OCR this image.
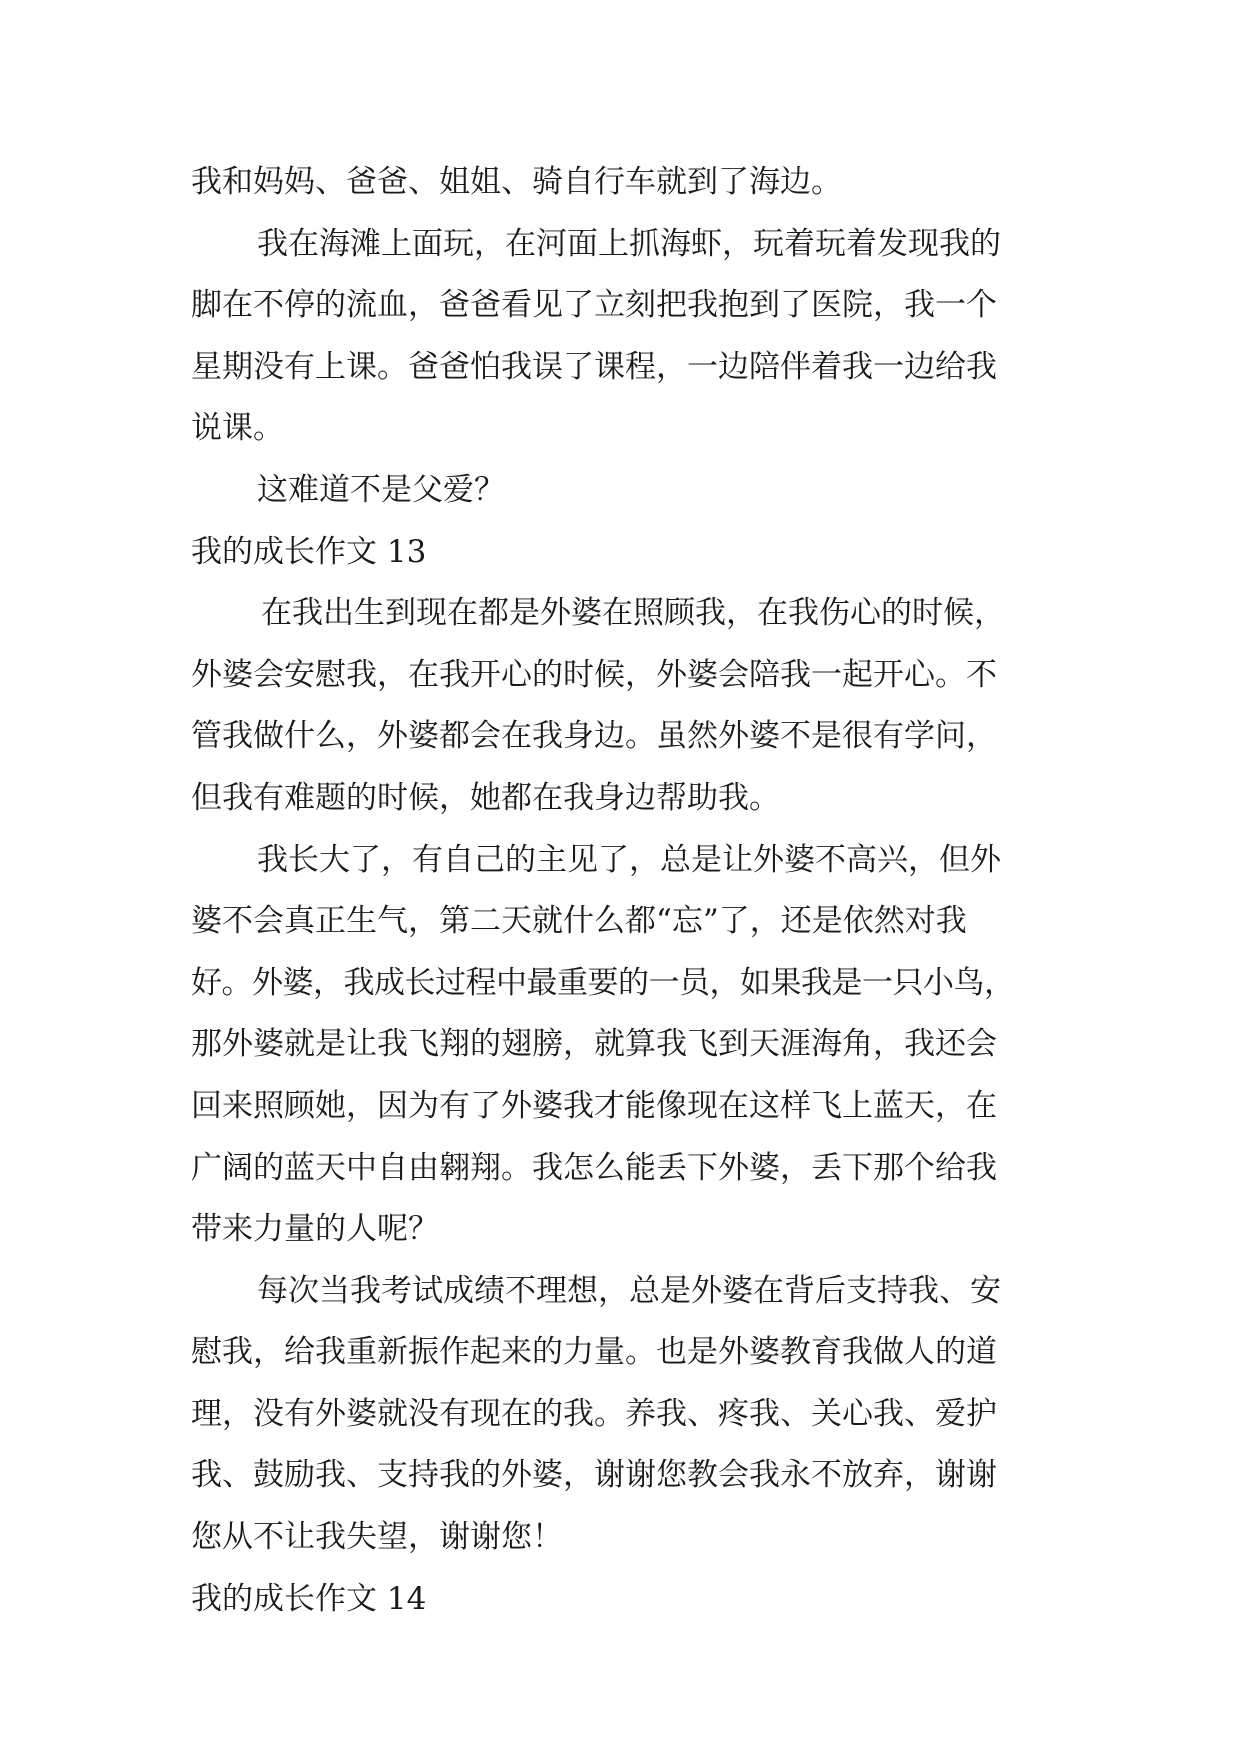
我和妈妈、爸爸、姐姐、骑自行车就到了海边。
我在海滩上面玩，在河面上抓海虾，玩着玩着发现我的
脚在不停的流血，爸爸看见了立刻把我抱到了医院，我一个
星期没有上课。爸爸怕我误了课程，一边陪伴着我一边给我
说课。
这难道不是父爱？
我的成长作文 13
在我出生到现在都是外婆在照顾我，在我伤心的时候，
外婆会安慰我，在我开心的时候，外婆会陪我一起开心。不
管我做什么，外婆都会在我身边。虽然外婆不是很有学问，
但我有难题的时候，她都在我身边帮助我。
我长大了，有自己的主见了，总是让外婆不高兴，但外
婆不会真正生气，第二天就什么都“忘”了，还是依然对我
好。外婆，我成长过程中最重要的一员，如果我是一只小鸟，
那外婆就是让我飞翔的翅膀，就算我飞到天涯海角，我还会
回来照顾她，因为有了外婆我才能像现在这样飞上蓝天，在
广阔的蓝天中自由翱翔。我怎么能丢下外婆，丢下那个给我
带来力量的人呢？
每次当我考试成绩不理想，总是外婆在背后支持我、安
慰我，给我重新振作起来的力量。也是外婆教育我做人的道
理，没有外婆就没有现在的我。养我、疼我、关心我、爱护
我、鼓励我、支持我的外婆，谢谢您教会我永不放弃，谢谢
您从不让我失望，谢谢您！
我的成长作文 14
